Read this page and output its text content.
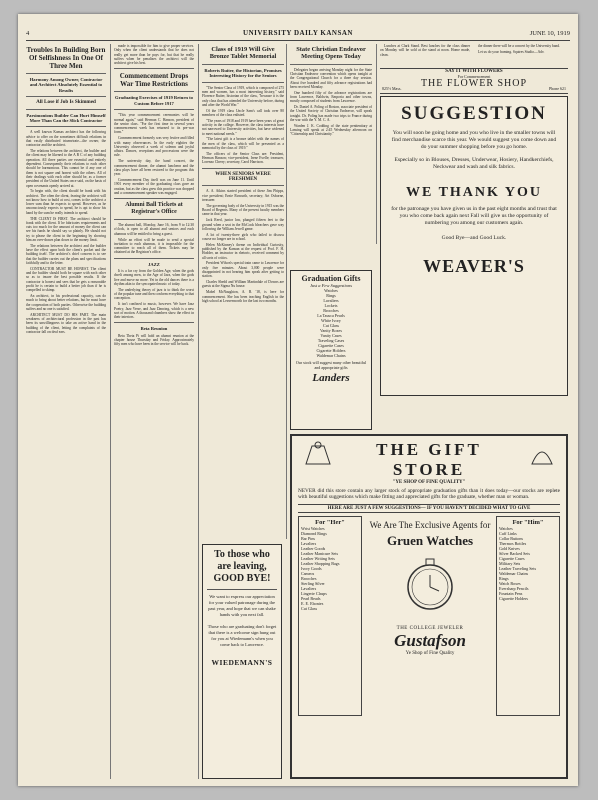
4	UNIVERSITY DAILY KANSAN	JUNE 10, 1919
Troubles In Building Born Of Selfishness In One Of Three Men
Harmony Among Owner, Contractor and Architect Absolutely Essential to Results
All Lose if Job Is Skimmed
Parsimonious Builder Can Hurt Himself More Than Can the Slick Contractor

A well known Kansas architect has the following advice to offer on the sometimes difficult relations in that vastly distributed triumvirate—the owner, the contractor and the architect.

The relations between the architect, the builder and the client may be likened to the A B C of any building operation. All three parties are essential and entirely dependent. Consequently their relations to each other should be harmonious. This cannot be if any one of them is not square and honest with the others. All of their dealings with each other should be, as a former president of the United States once said, on the basis of open covenants openly arrived at.

To begin with, the client should be frank with his architect. The often the client, fearing the architect will not know how to build at cost, comes to the architect a lower sum than he expects to spend. However, as he unconsciously expects to spend, he is apt to show his hand by the sum he really intends to spend.

THE CLIENT IS FIRST. The architect should be frank with the client. If he fabricates requirements and cuts too much for the amount of money the client can see his funds he should say so plainly. He should not try to please the client in the beginning by showing him an over-drawn plan down to the money limit.

The relations between the architect and the builder have the effect upon both the client's pocket and the building itself. The architect's chief concern is to see that the builder carries out the plans and specifications faithfully and to the letter.

CONTRACTOR MUST BE HONEST. The client and the builder should both be square with each other so as to insure the best possible results. If the contractor is honest and sees that he gets a reasonable profit he is certain to build a better job than if he is compelled to skimp.

An architect, in his professional capacity, can do much to bring about better relations, but he must have the cooperation of both parties. Otherwise the building suffers and no one is satisfied.

ARCHITECT MUST DO HIS PART. The main weakness of architectural profession in the past has been its unwillingness to take an active hand in the building of the client, letting the complaints of the contractor fall on deaf ears.

made is impossible for him to give proper services. Only when the client understands that he does not really get more than he pays for, but that he really suffers when he penalizes the architect will the architect give his best.

Commencement Drops War Time Restrictions
Graduating Exercises of 1919 Return to Custom Before 1917

"This year commencement ceremonies will be normal again," said Herman C. Hanson, president of the senior class. "For the first time in several years commencement week has returned to its pre-war form."

Commencement formerly was very festive and filled with many observances. In the early eighties the University observed a week of solemn and joyful affairs. Dances, receptions and processions were the rule.

The university day, the band concert, the commencement dinner, the alumni luncheon and the class plays have all been restored to the program this year.

Commencement Day itself was on June 11. Until 1901 every member of the graduating class gave an oration, but as the class grew this practice was dropped and a commencement speaker was engaged.

Alumni Ball Tickets at Registrar's Office

The alumni ball, Monday, June 16, from 9 to 12:30 o'clock, is open to all alumni and seniors and each alumnus will be entitled to bring a guest.

While an effort will be made to send a special invitation to each alumnus, it is impossible for the committee to reach all of them. Tickets may be obtained at the Registrar's office.

JAZZ

It is a far cry from the Golden Age, when the gods dwelt among men, to the Age of Jazz, when the gods live and move no more. Yet in the old dances there is a rhythm akin to the syncopated music of today.

The underlying theory of jazz is to think the worst of the popular tune and then conform everything to that conception.

It isn't confined to music, however. We have Jazz Poetry, Jazz Verse, and Jazz Dancing, which is a new sort of motion. A thousand chambers show the effect in their interiors.

Beta Reunion

Beta Theta Pi will hold an alumni reunion at the chapter house Thursday and Friday. Approximately fifty men who have been in the service will be back.

Class of 1919 Will Give Bronze Tablet Memorial
Roberts Ruiter, the Historian, Promises Interesting History for the Seniors

"The Senior Class of 1919, which is composed of 275 men and women, has a most interesting history," said Florence Ruiter, historian of the class, "because it is the only class that has attended the University before, during and after the World War."

Of the 1919 class Uncle Sam's call took over 80 members of the class enlisted.

"The years of 1918 and 1919 have been years of great activity in the college. However, the class interests have not narrowed to University activities, but have widened to meet national needs."

"The latest gift is a bronze tablet with the names of the men of the class, which will be presented as a memorial by the class of 1919."

The officers of the Senior Class are: President, Herman Hanson; vice-president, Irene Evelle; treasurer, Lorenzo Cherry; secretary, Carol Harrison.

WHEN SENIORS WERE FRESHMEN

A. A. Atkins started president of these Jim Phipps, vice president; Ernie Ruwurth, secretary; Art Osborne, treasurer.

The governing body of the University in 1915 was the Board of Regents. Many of the present faculty members came in that year.

Jack Reed, junior law, plunged fifteen feet to the ground when a seat in the McCook bleachers gave way following the William Jewell game.

A lot of twenty-three girls who failed to discuss course no longer are in school.

Helen McKinney's theme on Individual Curiosity, published by the Kansan at the request of Prof. F. H. Hodder, an instructor in rhetoric, received comment by all sorts of critics.

President Wilson's special train came to Lawrence for only five minutes. About 3,000 people were disappointed in not hearing him speak after getting to station.

Charles Shedd and William Martindale of Downs are guests at the Sigma Nu house.

Mabel McNaughton, A. B. '18, is here for commencement. She has been teaching English in the high school at Leavenworth for the last two months.

To those who are leaving, GOOD BYE!
We want to express our appreciation for your valued patronage during the past year, and hope that we can shake hands with you next fall.
Those who are graduating don't forget that there is a welcome sign hung out for you at Wiedemann's when you come back to Lawrence.
WIEDEMANN'S
State Christian Endeavor Meeting Opens Today

Delegates began arriving Monday night for the State Christian Endeavor convention which opens tonight at the Congregational Church for a three day session. About five hundred and fifty advance registrations had been received Monday.

One hundred fifty of the advance registrations are from Lawrence, Baldwin, Emporia and other towns, mostly composed of students from Lawrence.

Dr. Daniel A. Poling of Boston, associate president of the United Society of Christian Endeavor, will speak tonight. Dr. Poling has made two trips to France during the war with the Y. M. C. A.

Warden J. K. Codding of the state penitentiary at Lansing will speak at 2:45 Wednesday afternoon on "Citizenship and Christianity."

Graduation Gifts
Just a Few Suggestions
Watches
Rings
Lavaliers
Lockets
Brooches
La Tausca Pearls
White Ivory
Cut Glass
Vanity Boxes
Vanity Cases
Traveling Cases
Cigarette Cases
Cigarette Holders
Waldemar Chains
Our stock will suggest many other beautiful and appropriate gifts
Landers

Lunches at Clark Stand. Best lunches for the class dinner on Monday will be sold at the stand at noon. Home made, clean.

the dinner there will be a concert by the University band.

Let us do your framing. Squires Studio—Adv.

SAY IT WITH FLOWERS
For Commencement
THE FLOWER SHOP
825½ Mass.	Phone 621
SUGGESTION
You will soon be going home and you who live in the smaller towns will find merchandise scarce this year. We would suggest you come down and do your summer shopping before you go home.
Especially so in Blouses, Dresses, Underwear, Hosiery, Handkerchiefs, Neckwear and wash and silk fabrics.
WE THANK YOU
for the patronage you have given us in the past eight months and trust that you who come back again next Fall will give us the opportunity of numbering you among our customers again.
Good Bye—and Good Luck.
WEAVER'S
THE GIFT STORE
"YE SHOP OF FINE QUALITY"
NEVER did this store contain any larger stock of appropriate graduation gifts than it does today—our stocks are replete with beautiful suggestions which make fitting and appreciated gifts for the graduate, whether man or woman.
HERE ARE JUST A FEW SUGGESTIONS— IF YOU HAVEN'T DECIDED WHAT TO GIVE
For "Her"
Wrist Watches
Diamond Rings
Bar Pins
Lavaliers
Leather Goods
Leather Manicure Sets
Leather Writing Sets
Leather Shopping Bags
Ivory Goods
Cameos
Brooches
Sterling Silver
Lavaliers
Lingerie Clasps
Pearl Beads
E. E. Ebonies
Cut Glass
We Are The Exclusive Agents for
Gruen Watches
THE COLLEGE JEWELER
Gustafson
Ye Shop of Fine Quality
For "Him"
Watches
Cuff Links
Collar Buttons
Thermos Bottles
Gold Knives
Silver Backed Sets
Cigarette Cases
Military Sets
Leather Traveling Sets
Waldemar Chains
Rings
Watch Boxes
Eversharp Pencils
Fountain Pens
Cigarette Holders
